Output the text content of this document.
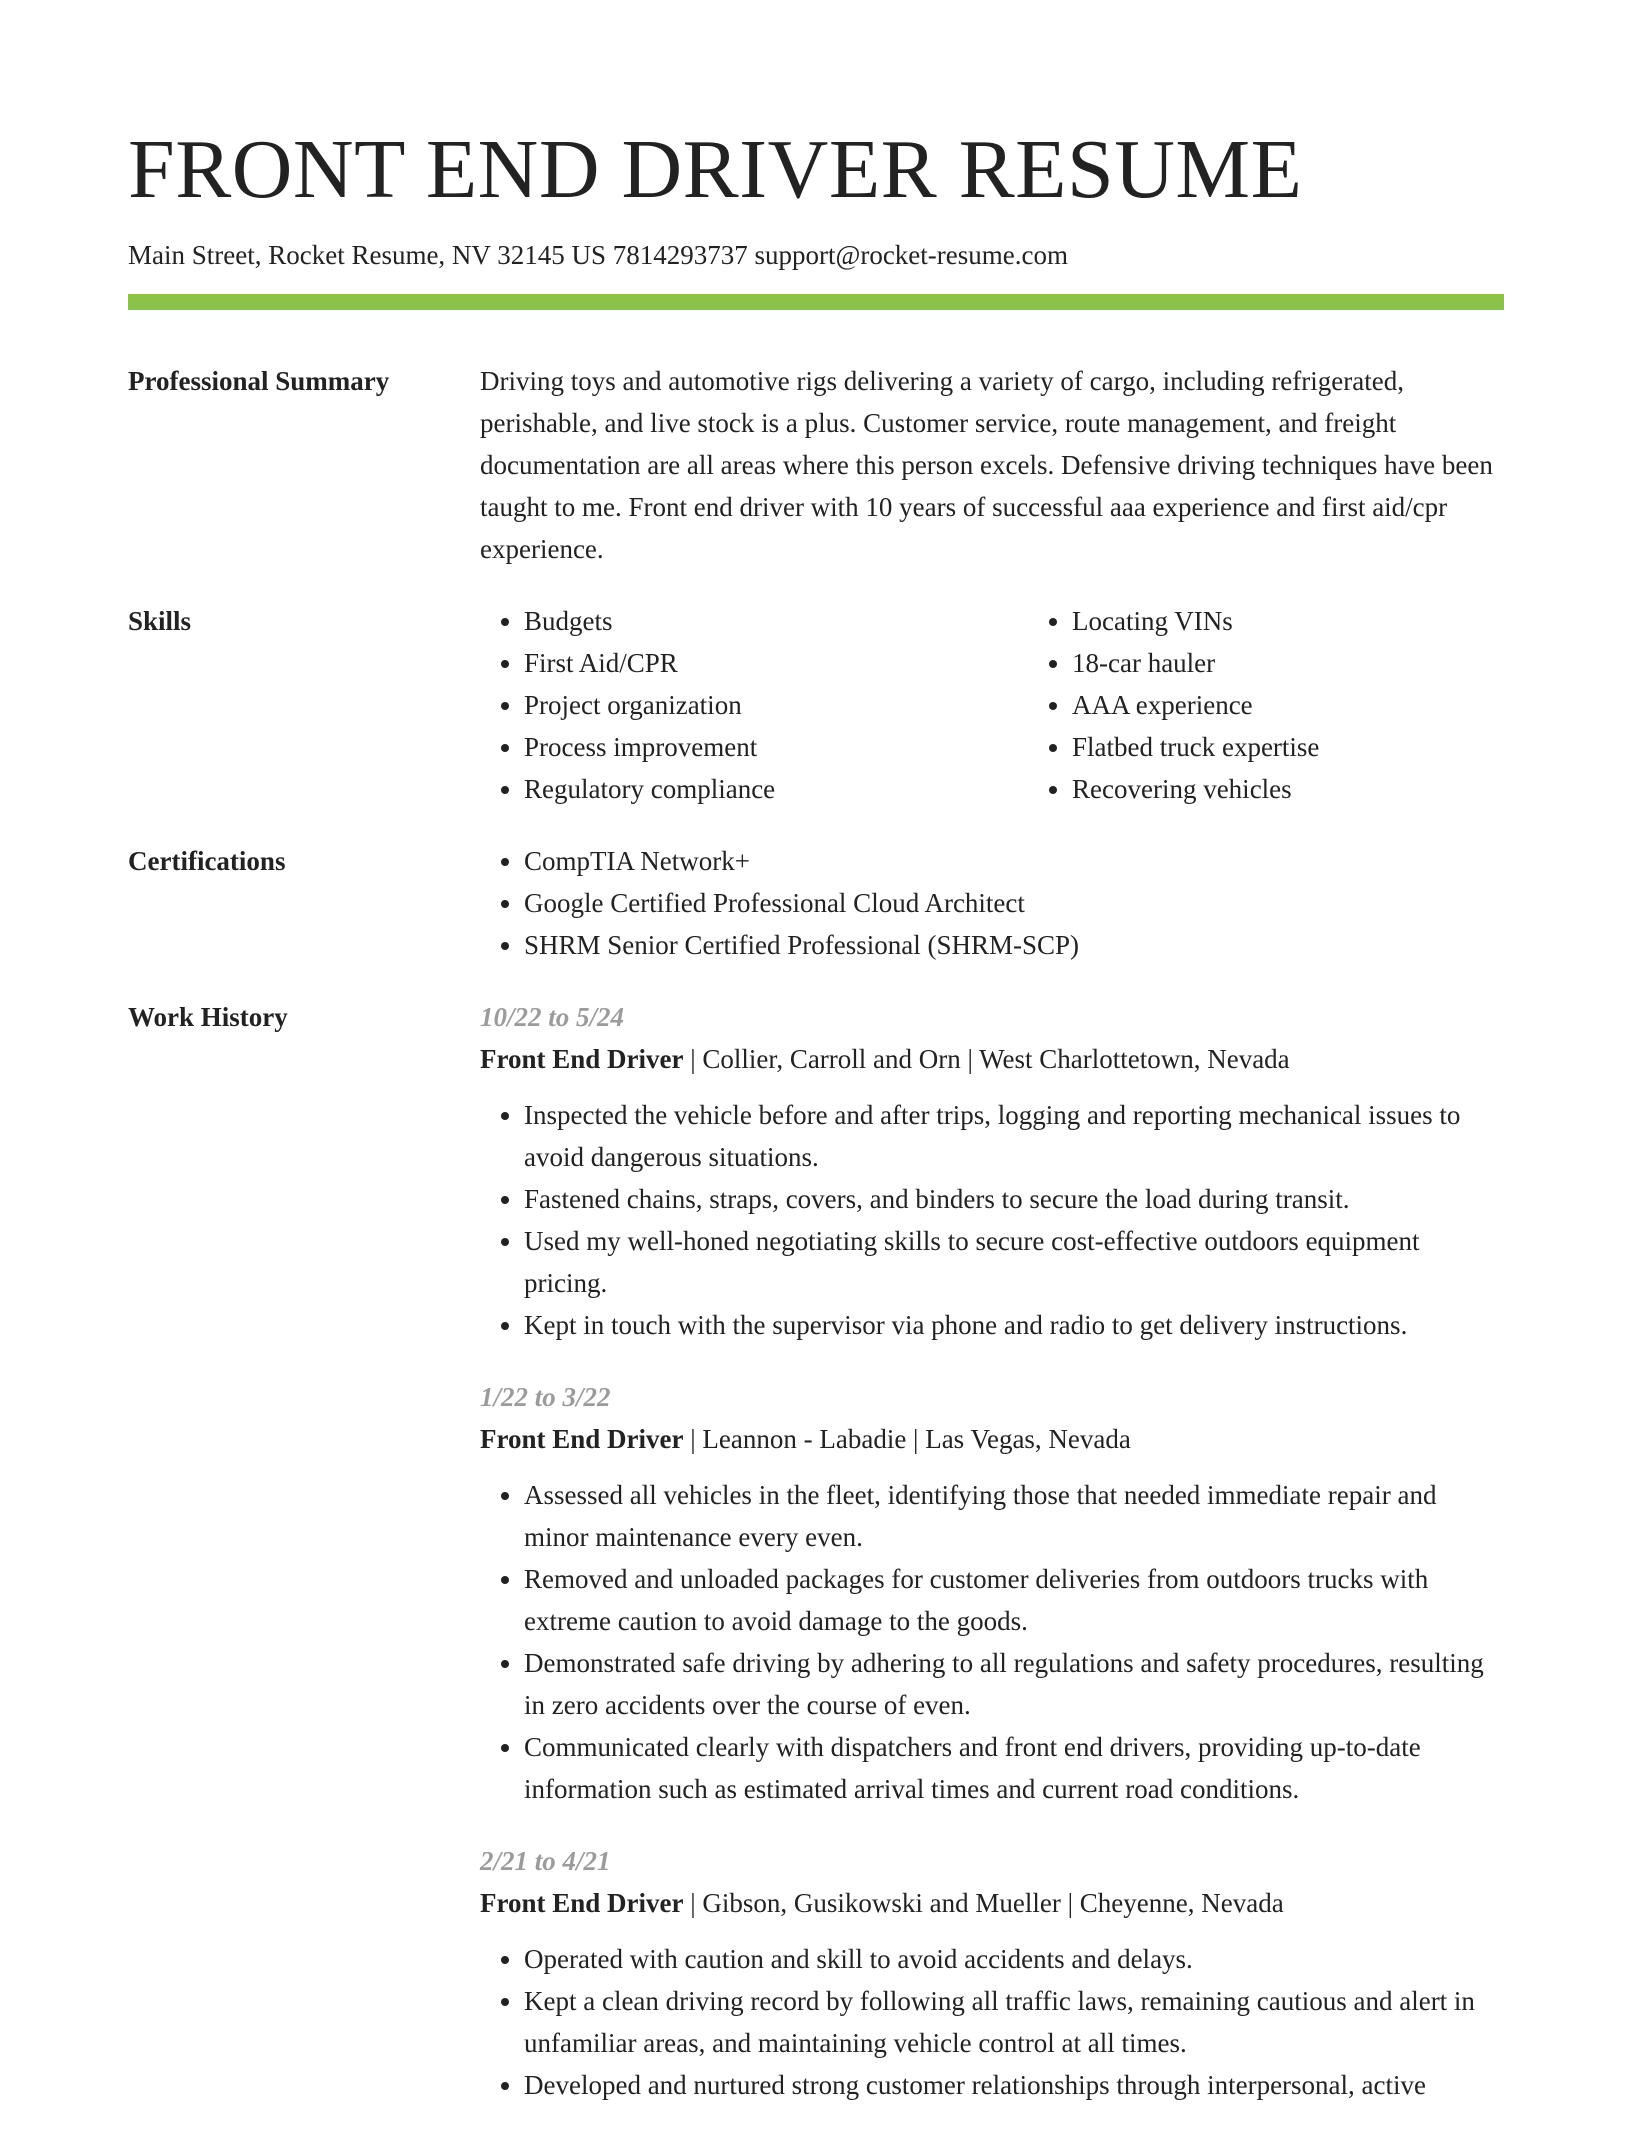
FRONT END DRIVER RESUME
Main Street, Rocket Resume, NV 32145 US 7814293737 support@rocket-resume.com
Professional Summary	Driving toys and automotive rigs delivering a variety of cargo, including refrigerated, perishable, and live stock is a plus. Customer service, route management, and freight documentation are all areas where this person excels. Defensive driving techniques have been taught to me. Front end driver with 10 years of successful aaa experience and first aid/cpr experience.

Skills	• Budgets
• First Aid/CPR
• Project organization
• Process improvement
• Regulatory compliance
• Locating VINs
• 18-car hauler
• AAA experience
• Flatbed truck expertise
• Recovering vehicles
Certifications	• CompTIA Network+
• Google Certified Professional Cloud Architect
• SHRM Senior Certified Professional (SHRM-SCP)
Work History	10/22 to 5/24
Front End Driver | Collier, Carroll and Orn | West Charlottetown, Nevada
• Inspected the vehicle before and after trips, logging and reporting mechanical issues to avoid dangerous situations.
• Fastened chains, straps, covers, and binders to secure the load during transit.
• Used my well-honed negotiating skills to secure cost-effective outdoors equipment pricing.
• Kept in touch with the supervisor via phone and radio to get delivery instructions.
1/22 to 3/22
Front End Driver | Leannon - Labadie | Las Vegas, Nevada
• Assessed all vehicles in the fleet, identifying those that needed immediate repair and minor maintenance every even.
• Removed and unloaded packages for customer deliveries from outdoors trucks with extreme caution to avoid damage to the goods.
• Demonstrated safe driving by adhering to all regulations and safety procedures, resulting in zero accidents over the course of even.
• Communicated clearly with dispatchers and front end drivers, providing up-to-date information such as estimated arrival times and current road conditions.
2/21 to 4/21
Front End Driver | Gibson, Gusikowski and Mueller | Cheyenne, Nevada
• Operated with caution and skill to avoid accidents and delays.
• Kept a clean driving record by following all traffic laws, remaining cautious and alert in unfamiliar areas, and maintaining vehicle control at all times.
• Developed and nurtured strong customer relationships through interpersonal, active
